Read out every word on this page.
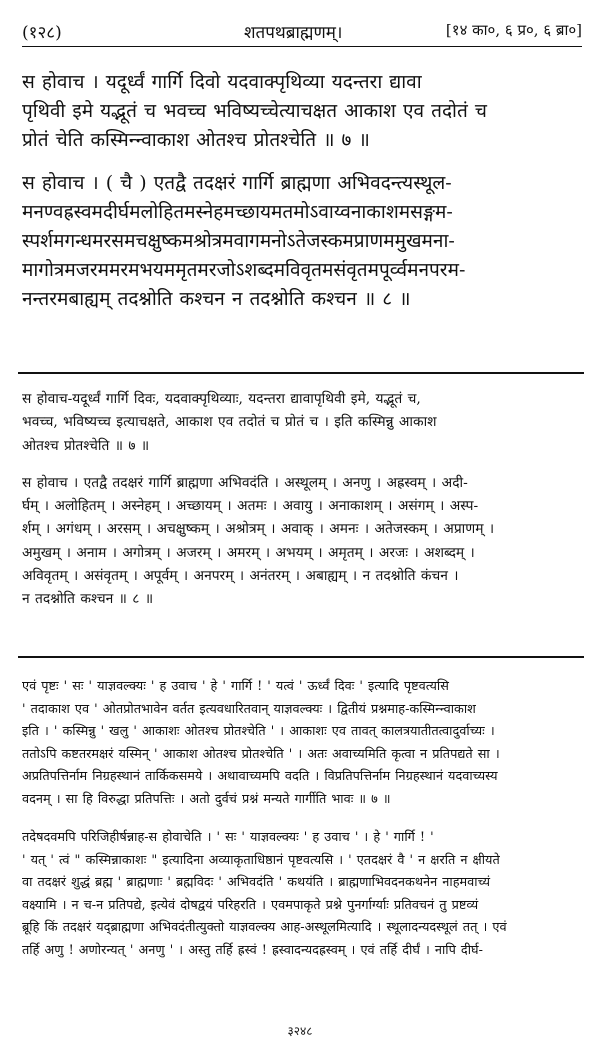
(१२८)	शतपथब्राह्मणम्।	[१४ का०, ६ प्र०, ६ ब्रा०]

स होवाच । यदूर्ध्वं गार्गि दिवो यदवाक्पृथिव्या यदन्तरा द्यावा
पृथिवी इमे यद्भूतं च भवच्च भविष्यच्चेत्याचक्षत आकाश एव तदोतं च
प्रोतं चेति कस्मिन्न्वाकाश ओतश्च प्रोतश्चेति ॥ ७ ॥

स होवाच । ( चै ) एतद्वै तदक्षरं गार्गि ब्राह्मणा अभिवदन्त्यस्थूल-
मनण्वह्रस्वमदीर्घमलोहितमस्नेहमच्छायमतमोऽवाय्वनाकाशमसङ्गम-
स्पर्शमगन्धमरसमचक्षुष्कमश्रोत्रमवागमनोऽतेजस्कमप्राणममुखमना-
मागोत्रमजरममरमभयममृतमरजोऽशब्दमविवृतमसंवृतमपूर्व्वमनपरम-
नन्तरमबाह्यम् तदश्नोति कश्चन न तदश्नोति कश्चन ॥ ८ ॥

स होवाच-यदूर्ध्वं गार्गि दिवः, यदवाक्पृथिव्याः, यदन्तरा द्यावापृथिवी इमे, यद्भूतं च,
भवच्च, भविष्यच्च इत्याचक्षते, आकाश एव तदोतं च प्रोतं च । इति कस्मिन्नु आकाश
ओतश्च प्रोतश्चेति ॥ ७ ॥

स होवाच । एतद्वै तदक्षरं गार्गि ब्राह्मणा अभिवदंति । अस्थूलम् । अनणु । अह्रस्वम् । अदी-
र्घम् । अलोहितम् । अस्नेहम् । अच्छायम् । अतमः । अवायु । अनाकाशम् । असंगम् । अस्प-
र्शम् । अगंधम् । अरसम् । अचक्षुष्कम् । अश्रोत्रम् । अवाक् । अमनः । अतेजस्कम् । अप्राणम् ।
अमुखम् । अनाम । अगोत्रम् । अजरम् । अमरम् । अभयम् । अमृतम् । अरजः । अशब्दम् ।
अविवृतम् । असंवृतम् । अपूर्वम् । अनपरम् । अनंतरम् । अबाह्यम् । न तदश्नोति कंचन ।
न तदश्नोति कश्चन ॥ ८ ॥

एवं पृष्टः ' सः ' याज्ञवल्क्यः ' ह उवाच ' हे ' गार्गि ! ' यत्वं ' ऊर्ध्वं दिवः ' इत्यादि पृष्टवत्यसि
' तदाकाश एव ' ओतप्रोतभावेन वर्तत इत्यवधारितवान् याज्ञवल्क्यः । द्वितीयं प्रश्नमाह-कस्मिन्न्वाकाश
इति । ' कस्मिन्नु ' खलु ' आकाशः ओतश्च प्रोतश्चेति ' । आकाशः एव तावत् कालत्रयातीतत्वादुर्वाच्यः ।
ततोऽपि कष्टतरमक्षरं यस्मिन् ' आकाश ओतश्च प्रोतश्चेति ' । अतः अवाच्यमिति कृत्वा न प्रतिपद्यते सा ।
अप्रतिपत्तिर्नाम निग्रहस्थानं तार्किकसमये । अथावाच्यमपि वदति । विप्रतिपत्तिर्नाम निग्रहस्थानं यदवाच्यस्य
वदनम् । सा हि विरुद्धा प्रतिपत्तिः । अतो दुर्वचं प्रश्नं मन्यते गार्गीति भावः ॥ ७ ॥

तदेषदवमपि परिजिहीर्षन्नाह-स होवाचेति । ' सः ' याज्ञवल्क्यः ' ह उवाच ' । हे ' गार्गि ! '
' यत् ' त्वं " कस्मिन्नाकाशः " इत्यादिना अव्याकृताधिष्ठानं पृष्टवत्यसि । ' एतदक्षरं वै ' न क्षरति न क्षीयते
वा तदक्षरं शुद्धं ब्रह्म ' ब्राह्मणाः ' ब्रह्मविदः ' अभिवदंति ' कथयंति । ब्राह्मणाभिवदनकथनेन नाहमवाच्यं
वक्ष्यामि । न च-न प्रतिपद्ये, इत्येवं दोषद्वयं परिहरति । एवमपाकृते प्रश्ने पुनर्गार्ग्याः प्रतिवचनं तु प्रष्टव्यं
ब्रूहि किं तदक्षरं यद्ब्राह्मणा अभिवदंतीत्युक्तो याज्ञवल्क्य आह-अस्थूलमित्यादि । स्थूलादन्यदस्थूलं तत् । एवं
तर्हि अणु ! अणोरन्यत् ' अनणु ' । अस्तु तर्हि ह्रस्वं ! ह्रस्वादन्यदह्रस्वम् । एवं तर्हि दीर्घं । नापि दीर्घ-

३२४८
